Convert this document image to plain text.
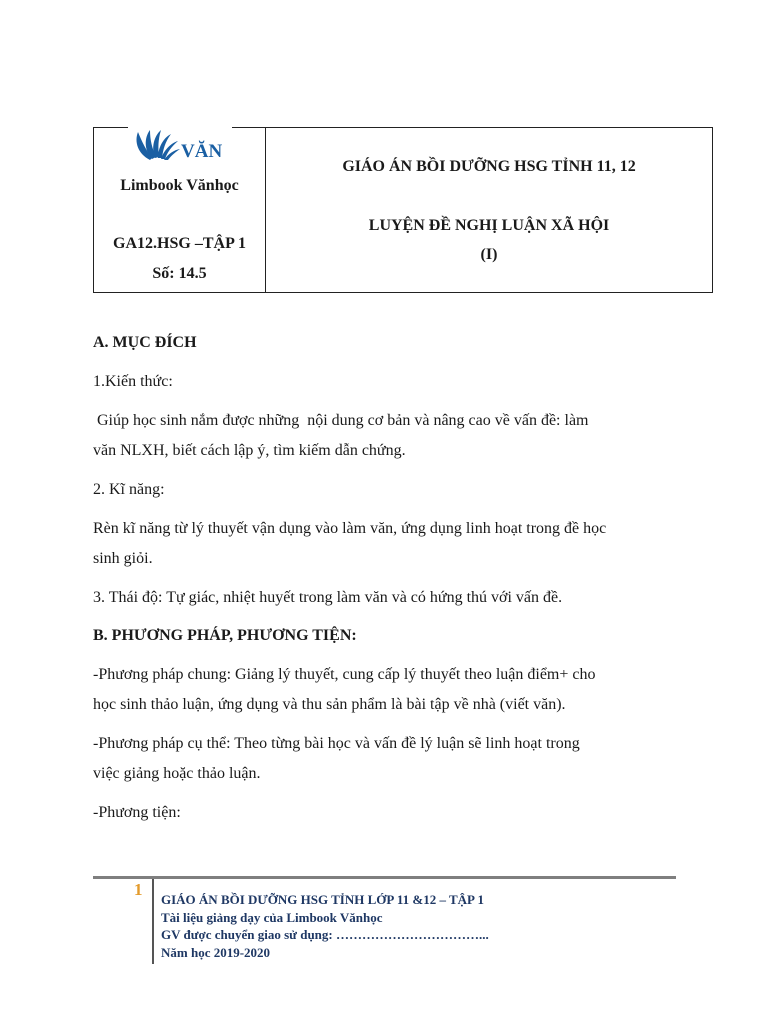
VĂN
Limbook Vănhọc
GA12.HSG –TẬP 1
Số: 14.5
GIÁO ÁN BỒI DƯỠNG HSG TỈNH 11, 12
LUYỆN ĐỀ NGHỊ LUẬN XÃ HỘI
(I)
A. MỤC ĐÍCH
1.Kiến thức:
Giúp học sinh nắm được những  nội dung cơ bản và nâng cao về vấn đề: làm
văn NLXH, biết cách lập ý, tìm kiếm dẫn chứng.
2. Kĩ năng:
Rèn kĩ năng từ lý thuyết vận dụng vào làm văn, ứng dụng linh hoạt trong đề học
sinh giỏi.
3. Thái độ: Tự giác, nhiệt huyết trong làm văn và có hứng thú với vấn đề.
B. PHƯƠNG PHÁP, PHƯƠNG TIỆN:
-Phương pháp chung: Giảng lý thuyết, cung cấp lý thuyết theo luận điểm+ cho
học sinh thảo luận, ứng dụng và thu sản phẩm là bài tập về nhà (viết văn).
-Phương pháp cụ thể: Theo từng bài học và vấn đề lý luận sẽ linh hoạt trong
việc giảng hoặc thảo luận.
-Phương tiện:
1
GIÁO ÁN BỒI DƯỠNG HSG TỈNH LỚP 11 &12 – TẬP 1
Tài liệu giảng dạy của Limbook Vănhọc
GV được chuyển giao sử dụng: ……………………………...
Năm học 2019-2020
